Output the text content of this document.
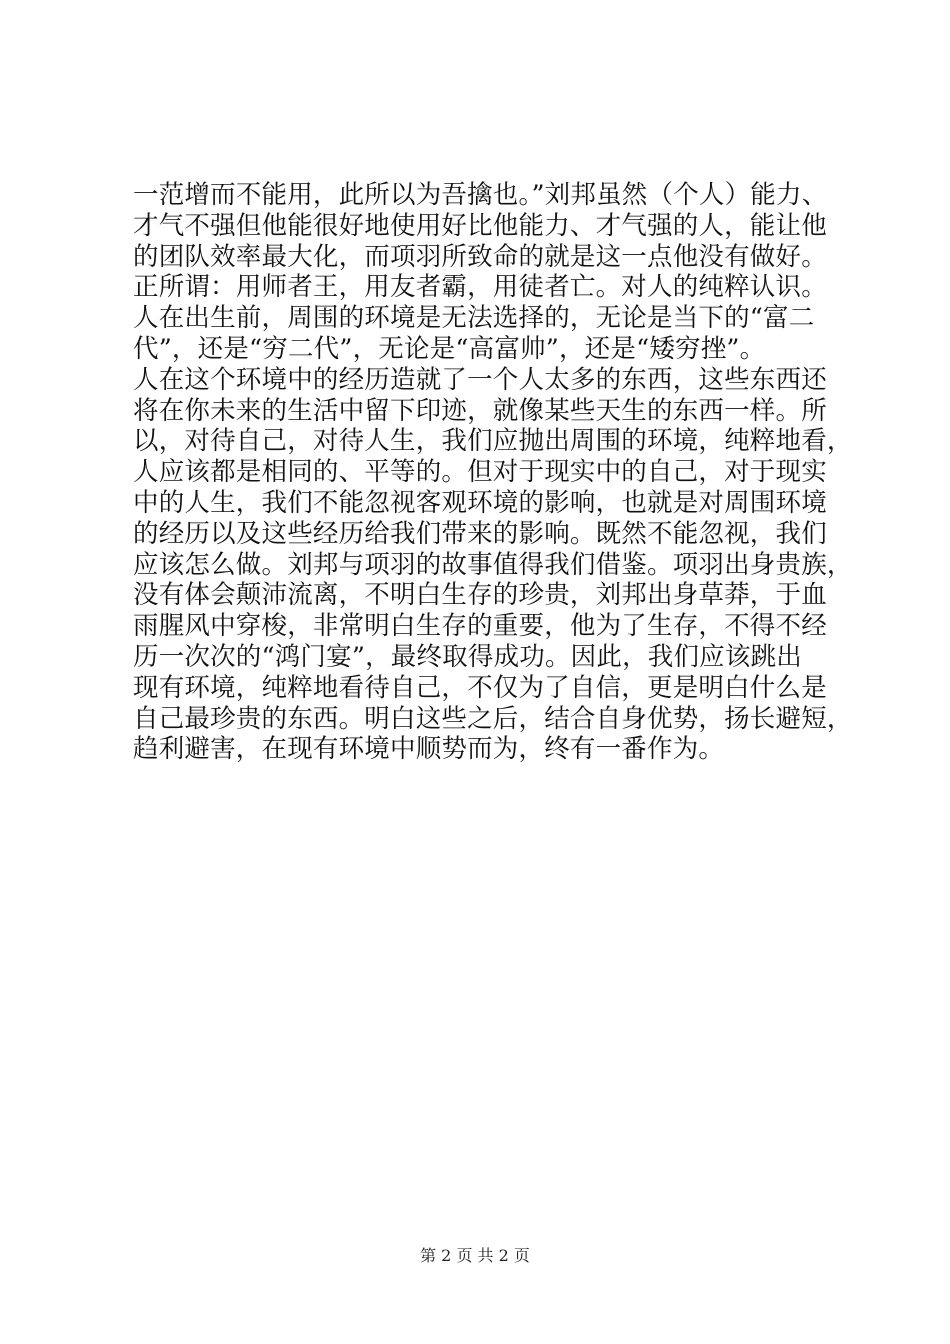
一范增而不能用，此所以为吾擒也。”刘邦虽然（个人）能力、
才气不强但他能很好地使用好比他能力、才气强的人，能让他
的团队效率最大化，而项羽所致命的就是这一点他没有做好。
正所谓：用师者王，用友者霸，用徒者亡。对人的纯粹认识。
人在出生前，周围的环境是无法选择的，无论是当下的“富二
代”，还是“穷二代”，无论是“高富帅”，还是“矮穷挫”。
人在这个环境中的经历造就了一个人太多的东西，这些东西还
将在你未来的生活中留下印迹，就像某些天生的东西一样。所
以，对待自己，对待人生，我们应抛出周围的环境，纯粹地看，
人应该都是相同的、平等的。但对于现实中的自己，对于现实
中的人生，我们不能忽视客观环境的影响，也就是对周围环境
的经历以及这些经历给我们带来的影响。既然不能忽视，我们
应该怎么做。刘邦与项羽的故事值得我们借鉴。项羽出身贵族，
没有体会颠沛流离，不明白生存的珍贵，刘邦出身草莽，于血
雨腥风中穿梭，非常明白生存的重要，他为了生存，不得不经
历一次次的“鸿门宴”，最终取得成功。因此，我们应该跳出
现有环境，纯粹地看待自己，不仅为了自信，更是明白什么是
自己最珍贵的东西。明白这些之后，结合自身优势，扬长避短，
趋利避害，在现有环境中顺势而为，终有一番作为。
第 2 页 共 2 页
